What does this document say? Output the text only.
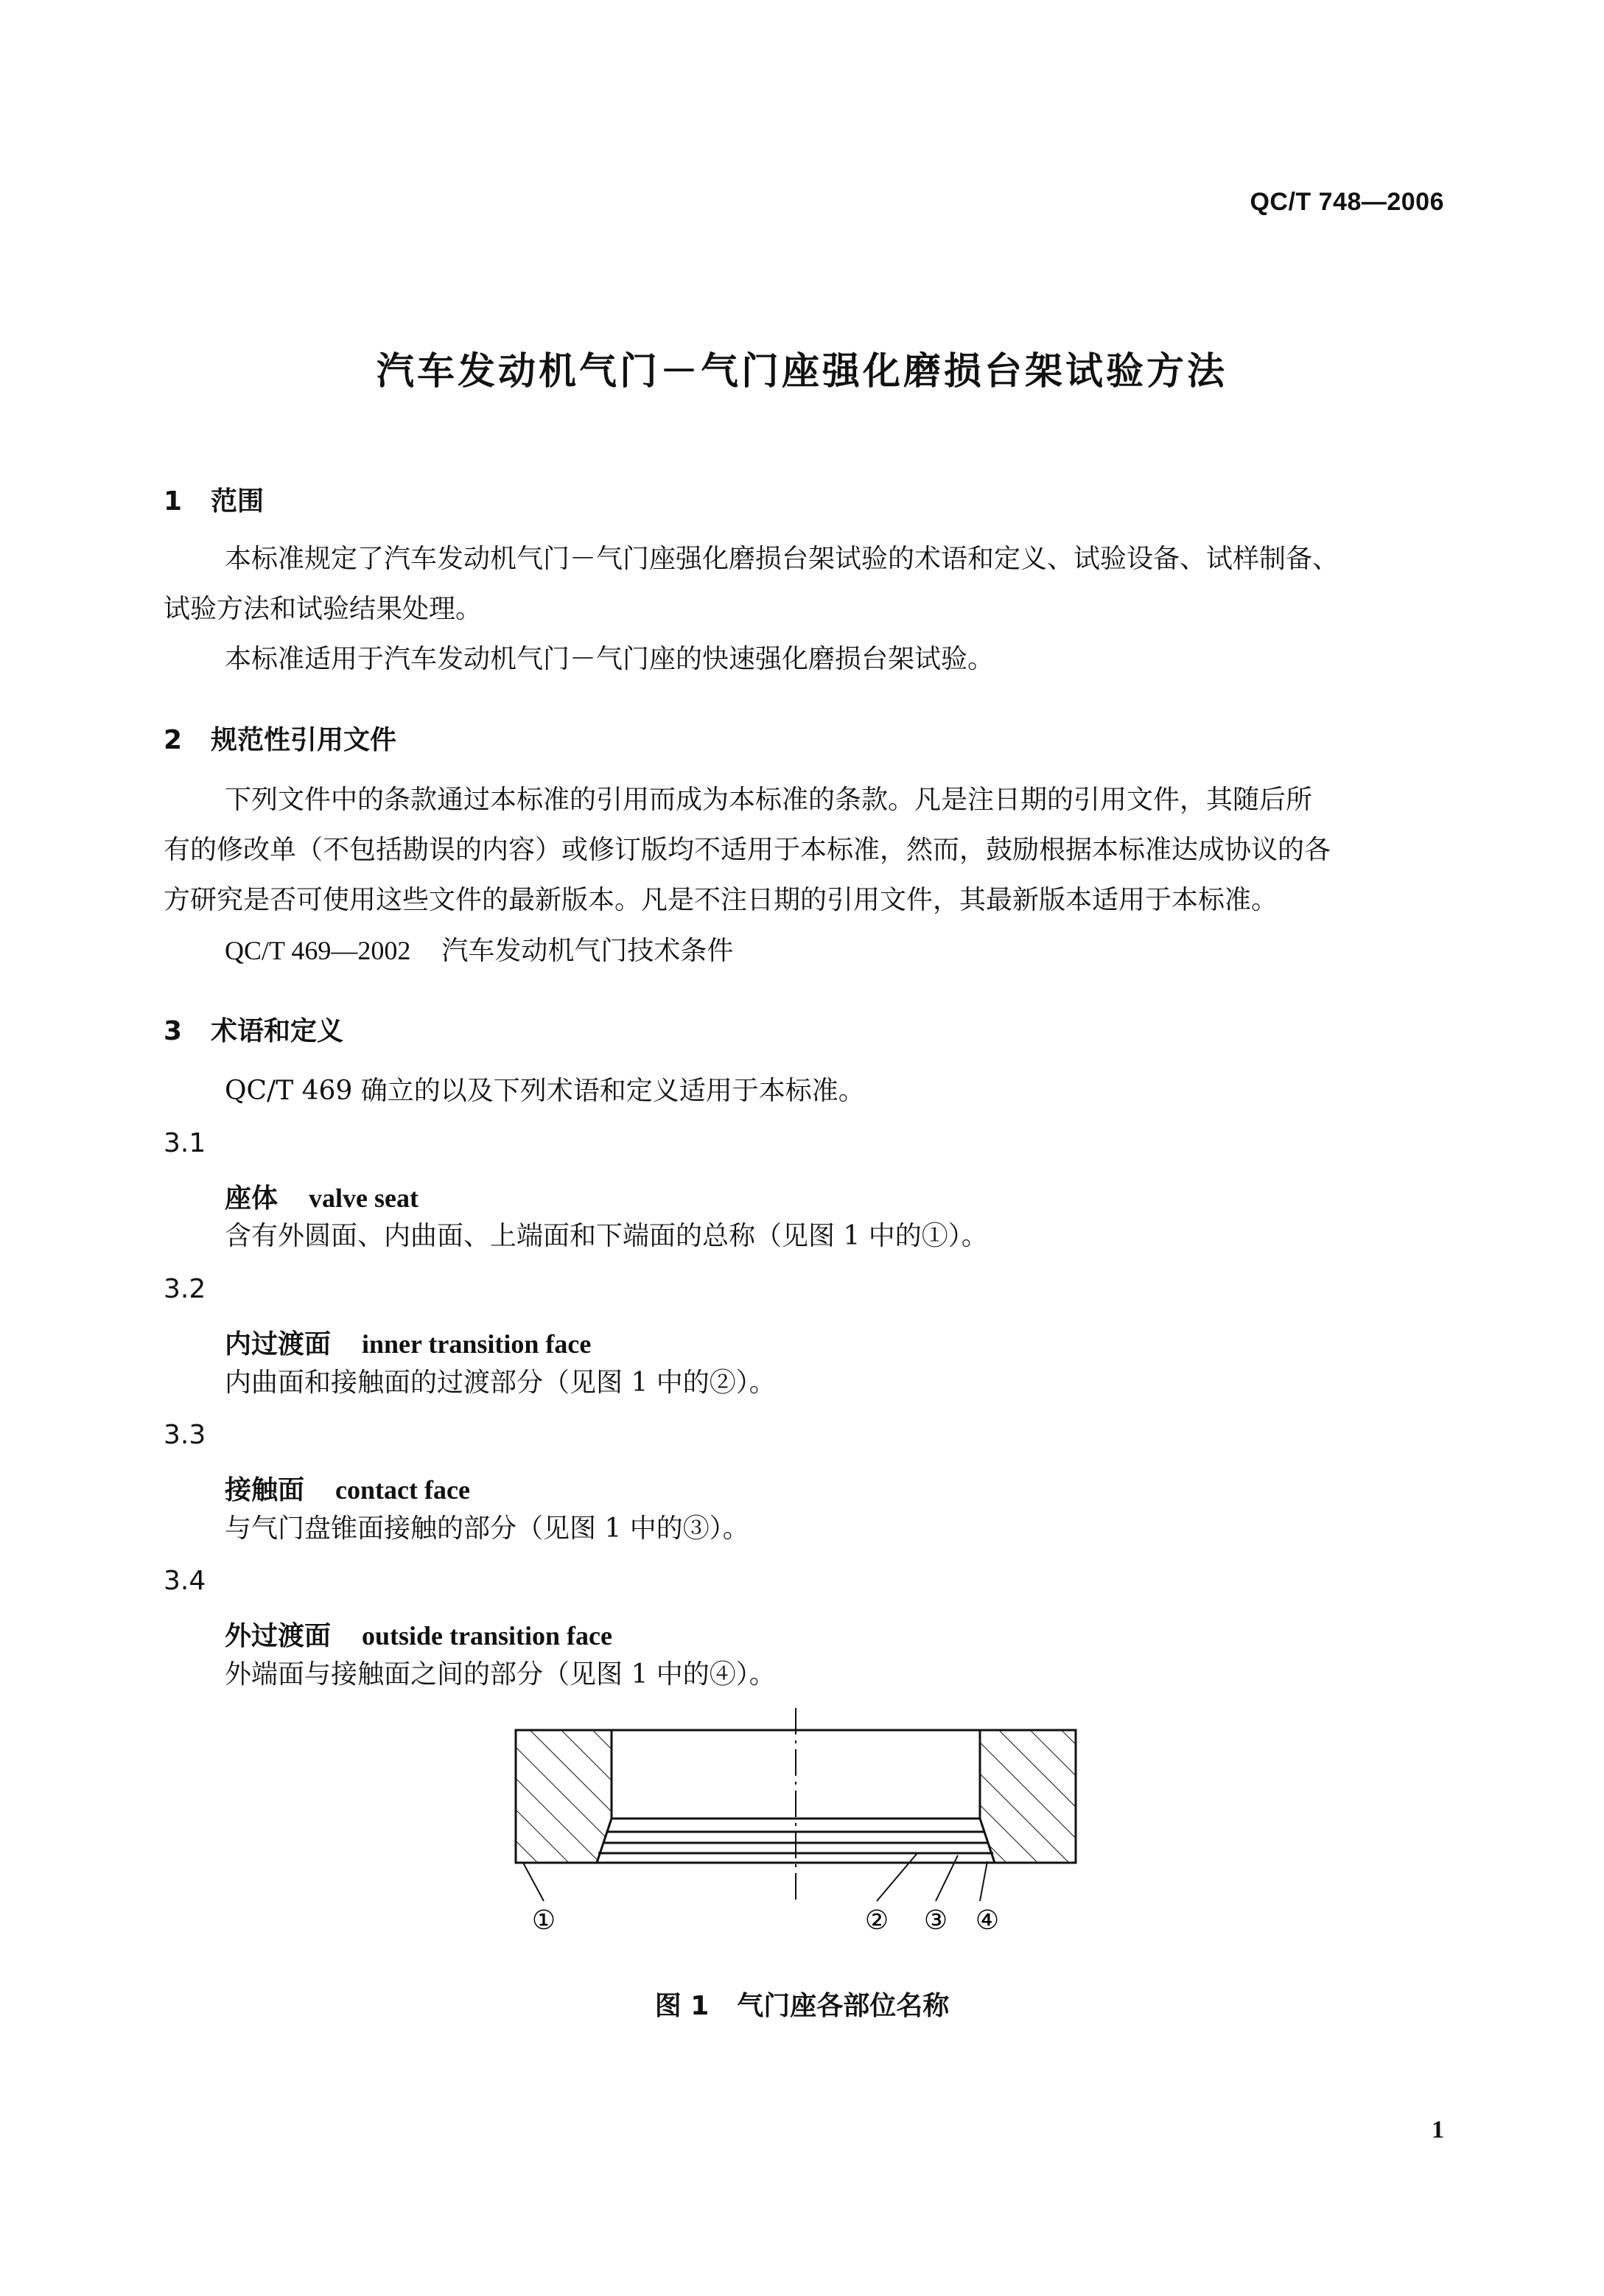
QC/T 748—2006
汽车发动机气门－气门座强化磨损台架试验方法
1 范围
本标准规定了汽车发动机气门－气门座强化磨损台架试验的术语和定义、试验设备、试样制备、
试验方法和试验结果处理。
本标准适用于汽车发动机气门－气门座的快速强化磨损台架试验。
2 规范性引用文件
下列文件中的条款通过本标准的引用而成为本标准的条款。凡是注日期的引用文件，其随后所
有的修改单（不包括勘误的内容）或修订版均不适用于本标准，然而，鼓励根据本标准达成协议的各
方研究是否可使用这些文件的最新版本。凡是不注日期的引用文件，其最新版本适用于本标准。
QC/T 469—2002 汽车发动机气门技术条件
3 术语和定义
QC/T 469 确立的以及下列术语和定义适用于本标准。
3.1
座体 valve seat
含有外圆面、内曲面、上端面和下端面的总称（见图 1 中的①）。
3.2
内过渡面 inner transition face
内曲面和接触面的过渡部分（见图 1 中的②）。
3.3
接触面 contact face
与气门盘锥面接触的部分（见图 1 中的③）。
3.4
外过渡面 outside transition face
外端面与接触面之间的部分（见图 1 中的④）。
①	② ③ ④
图 1 气门座各部位名称
1
